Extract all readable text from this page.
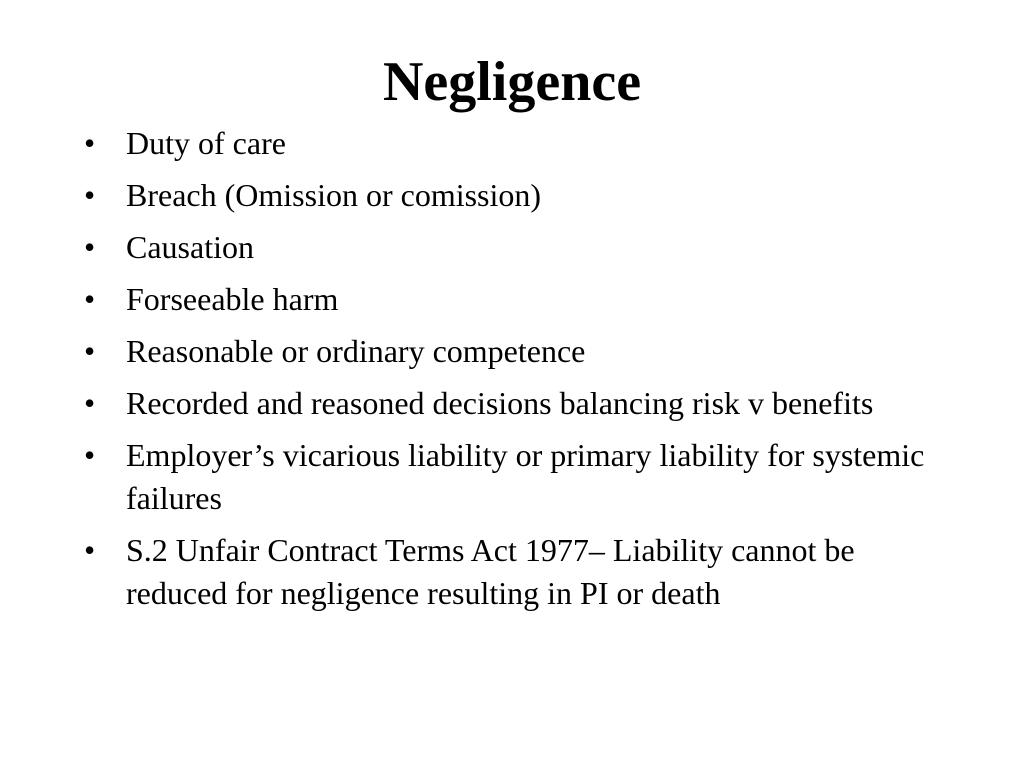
Negligence
• Duty of care
• Breach (Omission or comission)
• Causation
• Forseeable harm
• Reasonable or ordinary competence
• Recorded and reasoned decisions balancing risk v benefits
• Employer’s vicarious liability or primary liability for systemic failures
• S.2 Unfair Contract Terms Act 1977– Liability cannot be reduced for negligence resulting in PI or death
